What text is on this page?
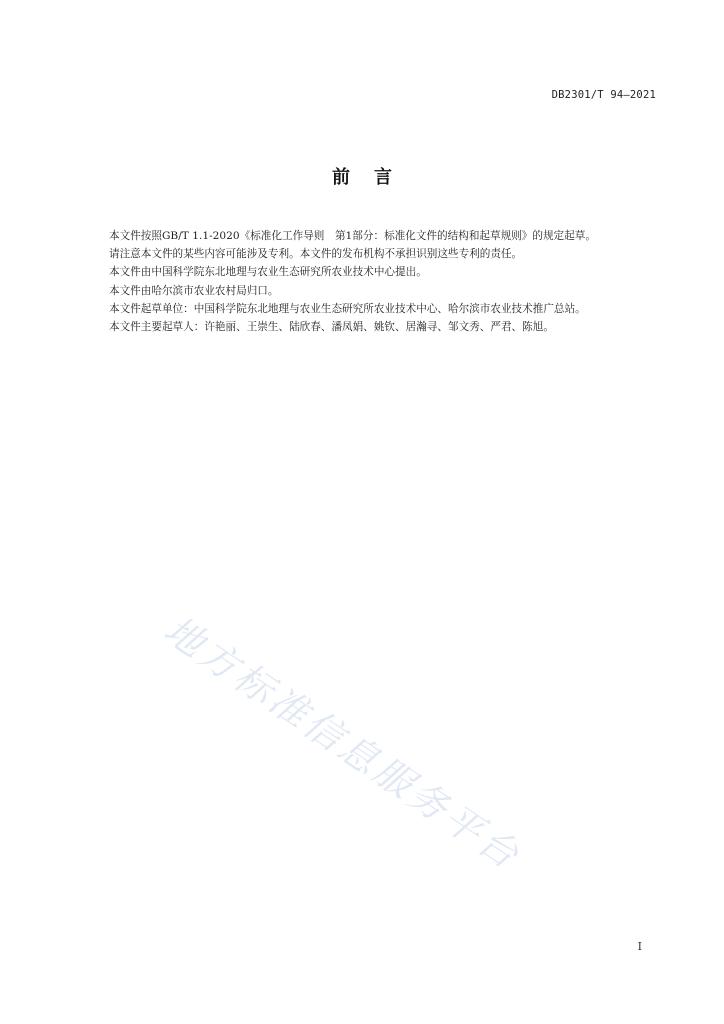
DB2301/T 94—2021
前 言

本文件按照GB/T 1.1-2020《标准化工作导则　第1部分：标准化文件的结构和起草规则》的规定起草。

请注意本文件的某些内容可能涉及专利。本文件的发布机构不承担识别这些专利的责任。

本文件由中国科学院东北地理与农业生态研究所农业技术中心提出。

本文件由哈尔滨市农业农村局归口。

本文件起草单位：中国科学院东北地理与农业生态研究所农业技术中心、哈尔滨市农业技术推广总站。

本文件主要起草人：许艳丽、王崇生、陆欣春、潘凤娟、姚钦、居瀚寻、邹文秀、严君、陈旭。

地方标准信息服务平台
I
